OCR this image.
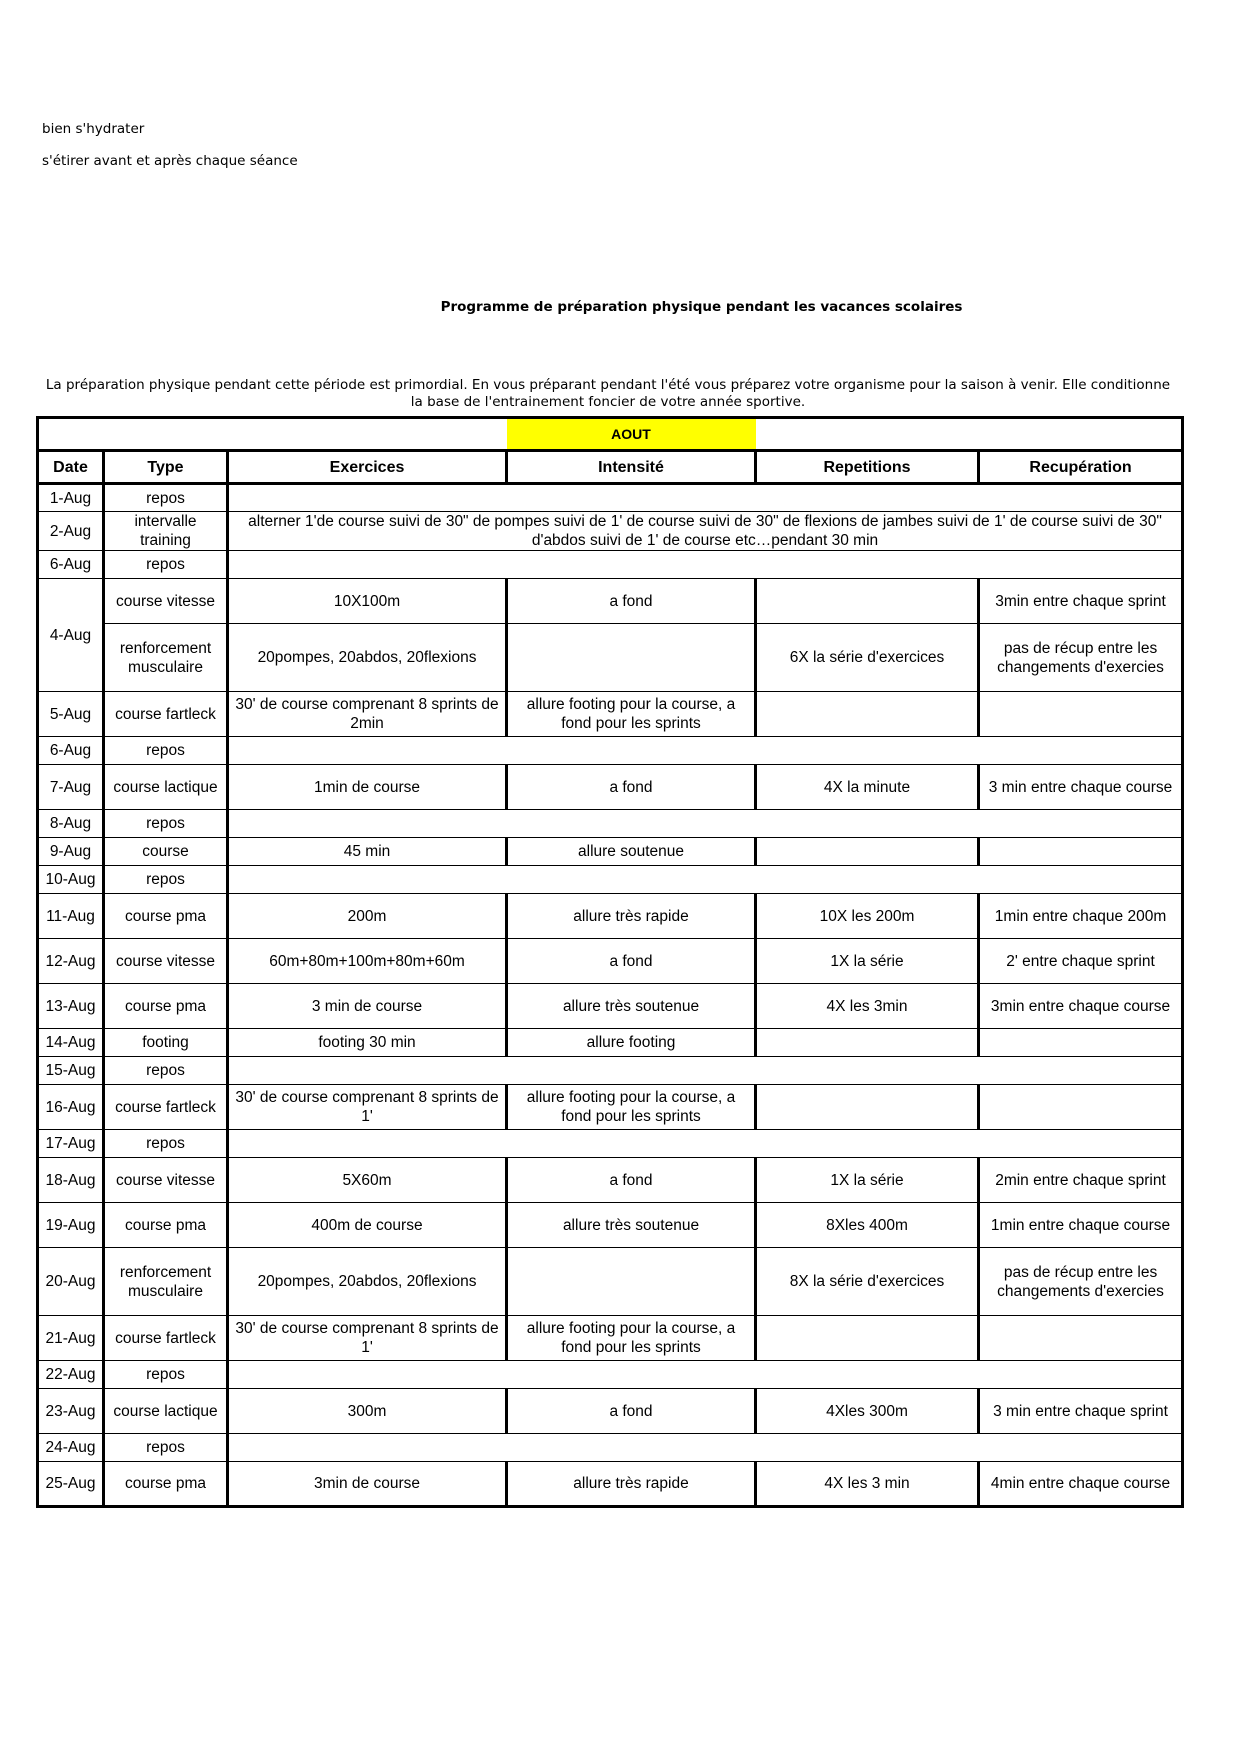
bien s'hydrater
s'étirer avant et après chaque séance
Programme de préparation physique pendant les vacances scolaires
La préparation physique pendant cette période est primordial. En vous préparant pendant l'été vous préparez votre organisme pour la saison à venir. Elle conditionne la base de l'entrainement foncier de votre année sportive.
			AOUT		
Date	Type	Exercices	Intensité	Repetitions	Recupération
1-Aug	repos				
2-Aug	intervalle training	alterner 1'de course suivi de 30" de pompes suivi de 1' de course suivi de 30" de flexions de jambes suivi de 1' de course suivi de 30" d'abdos suivi de 1' de course etc…pendant 30 min			
6-Aug	repos				
4-Aug	course vitesse	10X100m	a fond		3min entre chaque sprint
	renforcement musculaire	20pompes, 20abdos, 20flexions		6X la série d'exercices	pas de récup entre les changements d'exercies
5-Aug	course fartleck	30' de course comprenant 8 sprints de 2min	allure footing pour la course, a fond pour les sprints		
6-Aug	repos				
7-Aug	course lactique	1min de course	a fond	4X la minute	3 min entre chaque course
8-Aug	repos				
9-Aug	course	45 min	allure soutenue		
10-Aug	repos				
11-Aug	course pma	200m	allure très rapide	10X les 200m	1min entre chaque 200m
12-Aug	course vitesse	60m+80m+100m+80m+60m	a fond	1X la série	2' entre chaque sprint
13-Aug	course pma	3 min de course	allure très soutenue	4X les 3min	3min entre chaque course
14-Aug	footing	footing 30 min	allure footing		
15-Aug	repos				
16-Aug	course fartleck	30' de course comprenant 8 sprints de 1'	allure footing pour la course, a fond pour les sprints		
17-Aug	repos				
18-Aug	course vitesse	5X60m	a fond	1X la série	2min entre chaque sprint
19-Aug	course pma	400m de course	allure très soutenue	8Xles 400m	1min entre chaque course
20-Aug	renforcement musculaire	20pompes, 20abdos, 20flexions		8X la série d'exercices	pas de récup entre les changements d'exercies
21-Aug	course fartleck	30' de course comprenant 8 sprints de 1'	allure footing pour la course, a fond pour les sprints		
22-Aug	repos				
23-Aug	course lactique	300m	a fond	4Xles 300m	3 min entre chaque sprint
24-Aug	repos				
25-Aug	course pma	3min de course	allure très rapide	4X les 3 min	4min entre chaque course
